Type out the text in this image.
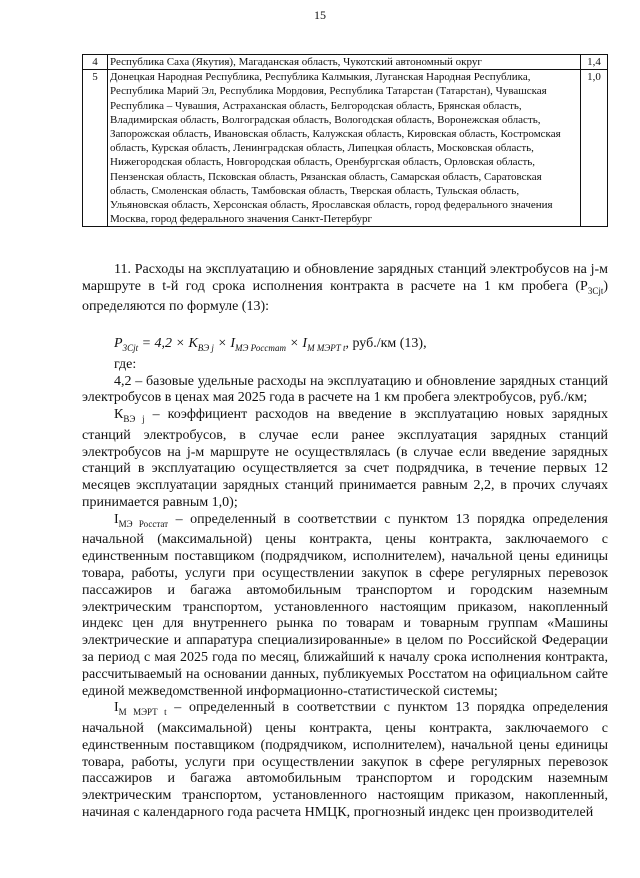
15
4	Республика Саха (Якутия), Магаданская область, Чукотский автономный округ	1,4
5	Донецкая Народная Республика, Республика Калмыкия, Луганская Народная Республика, Республика Марий Эл, Республика Мордовия, Республика Татарстан (Татарстан), Чувашская Республика – Чувашия, Астраханская область, Белгородская область, Брянская область, Владимирская область, Волгоградская область, Вологодская область, Воронежская область, Запорожская область, Ивановская область, Калужская область, Кировская область, Костромская область, Курская область, Ленинградская область, Липецкая область, Московская область, Нижегородская область, Новгородская область, Оренбургская область, Орловская область, Пензенская область, Псковская область, Рязанская область, Самарская область, Саратовская область, Смоленская область, Тамбовская область, Тверская область, Тульская область, Ульяновская область, Херсонская область, Ярославская область, город федерального значения Москва, город федерального значения Санкт-Петербург	1,0

11. Расходы на эксплуатацию и обновление зарядных станций электробусов на j-м маршруте в t-й год срока исполнения контракта в расчете на 1 км пробега $(Р_{3Сjt})$ определяются по формуле (13):

$Р_{3Сjt} = 4,2 \times К_{ВЭ j} \times I_{МЭ Росстат} \times I_{М МЭРТ t}$, руб./км (13),

где:

4,2 – базовые удельные расходы на эксплуатацию и обновление зарядных станций электробусов в ценах мая 2025 года в расчете на 1 км пробега электробусов, руб./км;

$К_{ВЭ j}$ – коэффициент расходов на введение в эксплуатацию новых зарядных станций электробусов, в случае если ранее эксплуатация зарядных станций электробусов на j-м маршруте не осуществлялась (в случае если введение зарядных станций в эксплуатацию осуществляется за счет подрядчика, в течение первых 12 месяцев эксплуатации зарядных станций принимается равным 2,2, в прочих случаях принимается равным 1,0);

$I_{МЭ Росстат}$ – определенный в соответствии с пунктом 13 порядка определения начальной (максимальной) цены контракта, цены контракта, заключаемого с единственным поставщиком (подрядчиком, исполнителем), начальной цены единицы товара, работы, услуги при осуществлении закупок в сфере регулярных перевозок пассажиров и багажа автомобильным транспортом и городским наземным электрическим транспортом, установленного настоящим приказом, накопленный индекс цен для внутреннего рынка по товарам и товарным группам «Машины электрические и аппаратура специализированные» в целом по Российской Федерации за период с мая 2025 года по месяц, ближайший к началу срока исполнения контракта, рассчитываемый на основании данных, публикуемых Росстатом на официальном сайте единой межведомственной информационно-статистической системы;

$I_{М МЭРТ t}$ – определенный в соответствии с пунктом 13 порядка определения начальной (максимальной) цены контракта, цены контракта, заключаемого с единственным поставщиком (подрядчиком, исполнителем), начальной цены единицы товара, работы, услуги при осуществлении закупок в сфере регулярных перевозок пассажиров и багажа автомобильным транспортом и городским наземным электрическим транспортом, установленного настоящим приказом, накопленный, начиная с календарного года расчета НМЦК, прогнозный индекс цен производителей
